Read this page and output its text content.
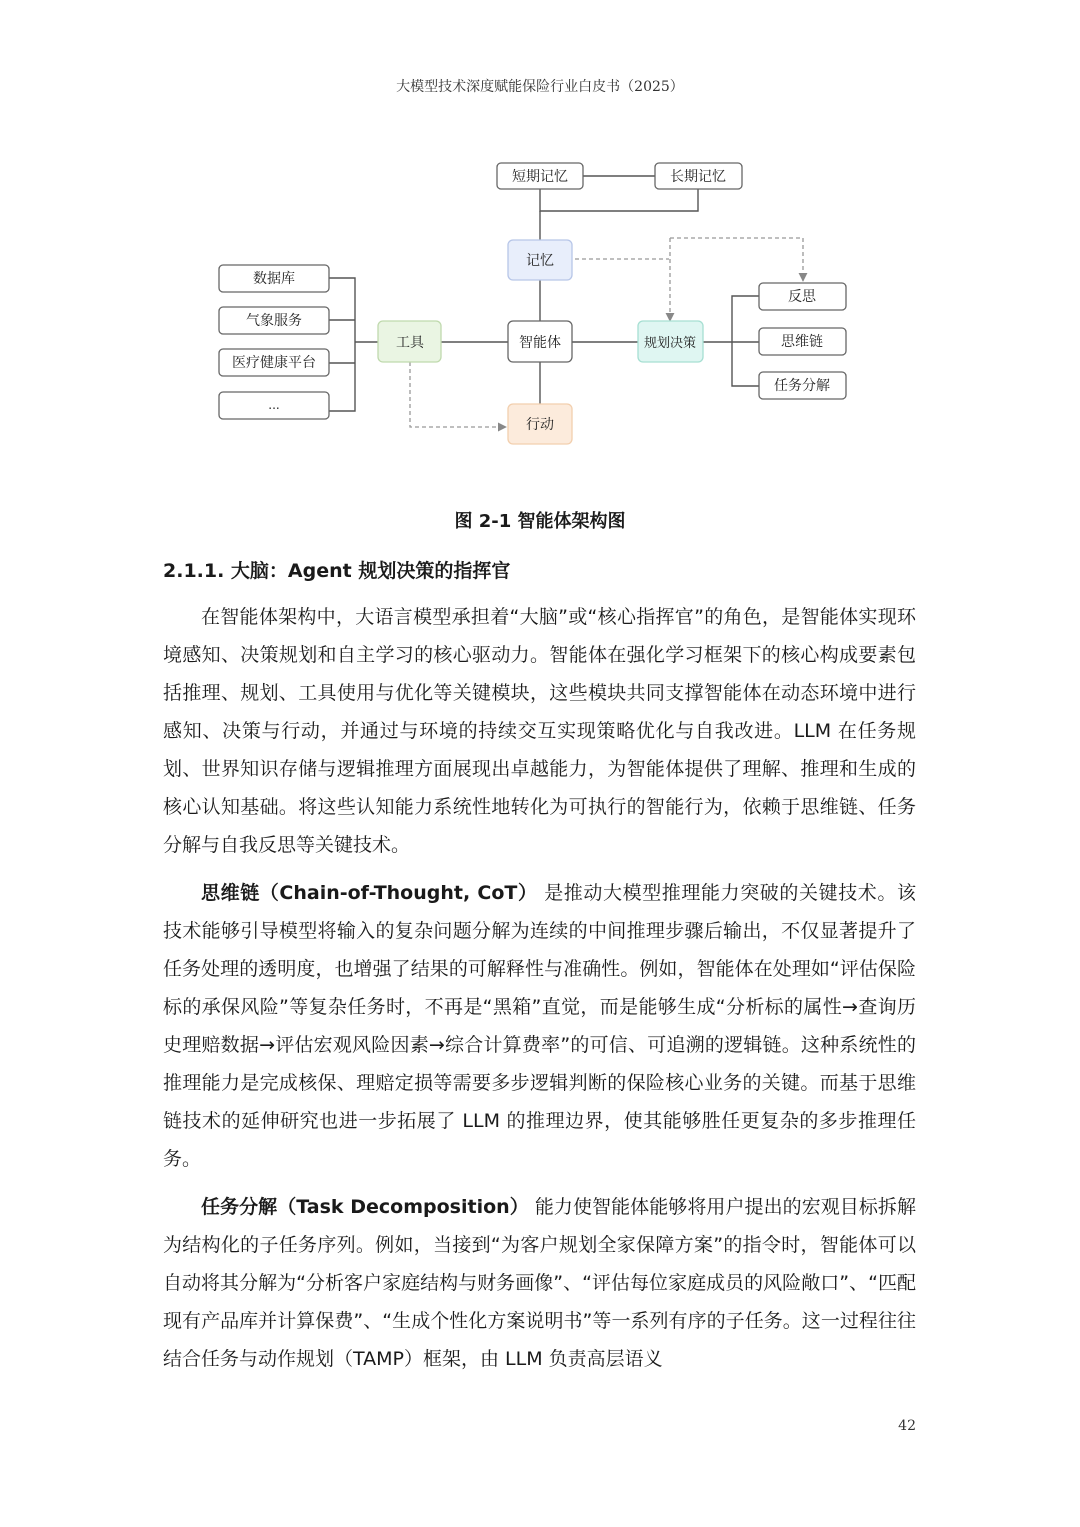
大模型技术深度赋能保险行业白皮书（2025）
短期记忆	长期记忆
记忆
智能体
工具	规划决策
行动
数据库
气象服务
医疗健康平台
...
反思
思维链
任务分解
图 2-1 智能体架构图
2.1.1. 大脑：Agent 规划决策的指挥官

在智能体架构中，大语言模型承担着“大脑”或“核心指挥官”的角色，是智能体实现环境感知、决策规划和自主学习的核心驱动力。智能体在强化学习框架下的核心构成要素包括推理、规划、工具使用与优化等关键模块，这些模块共同支撑智能体在动态环境中进行感知、决策与行动，并通过与环境的持续交互实现策略优化与自我改进。LLM 在任务规划、世界知识存储与逻辑推理方面展现出卓越能力，为智能体提供了理解、推理和生成的核心认知基础。将这些认知能力系统性地转化为可执行的智能行为，依赖于思维链、任务分解与自我反思等关键技术。

思维链（Chain-of-Thought, CoT） 是推动大模型推理能力突破的关键技术。该技术能够引导模型将输入的复杂问题分解为连续的中间推理步骤后输出，不仅显著提升了任务处理的透明度，也增强了结果的可解释性与准确性。例如，智能体在处理如“评估保险标的承保风险”等复杂任务时，不再是“黑箱”直觉，而是能够生成“分析标的属性→查询历史理赔数据→评估宏观风险因素→综合计算费率”的可信、可追溯的逻辑链。这种系统性的推理能力是完成核保、理赔定损等需要多步逻辑判断的保险核心业务的关键。而基于思维链技术的延伸研究也进一步拓展了 LLM 的推理边界，使其能够胜任更复杂的多步推理任务。

任务分解（Task Decomposition） 能力使智能体能够将用户提出的宏观目标拆解为结构化的子任务序列。例如，当接到“为客户规划全家保障方案”的指令时，智能体可以自动将其分解为“分析客户家庭结构与财务画像”、“评估每位家庭成员的风险敞口”、“匹配现有产品库并计算保费”、“生成个性化方案说明书”等一系列有序的子任务。这一过程往往结合任务与动作规划（TAMP）框架，由 LLM 负责高层语义

42
